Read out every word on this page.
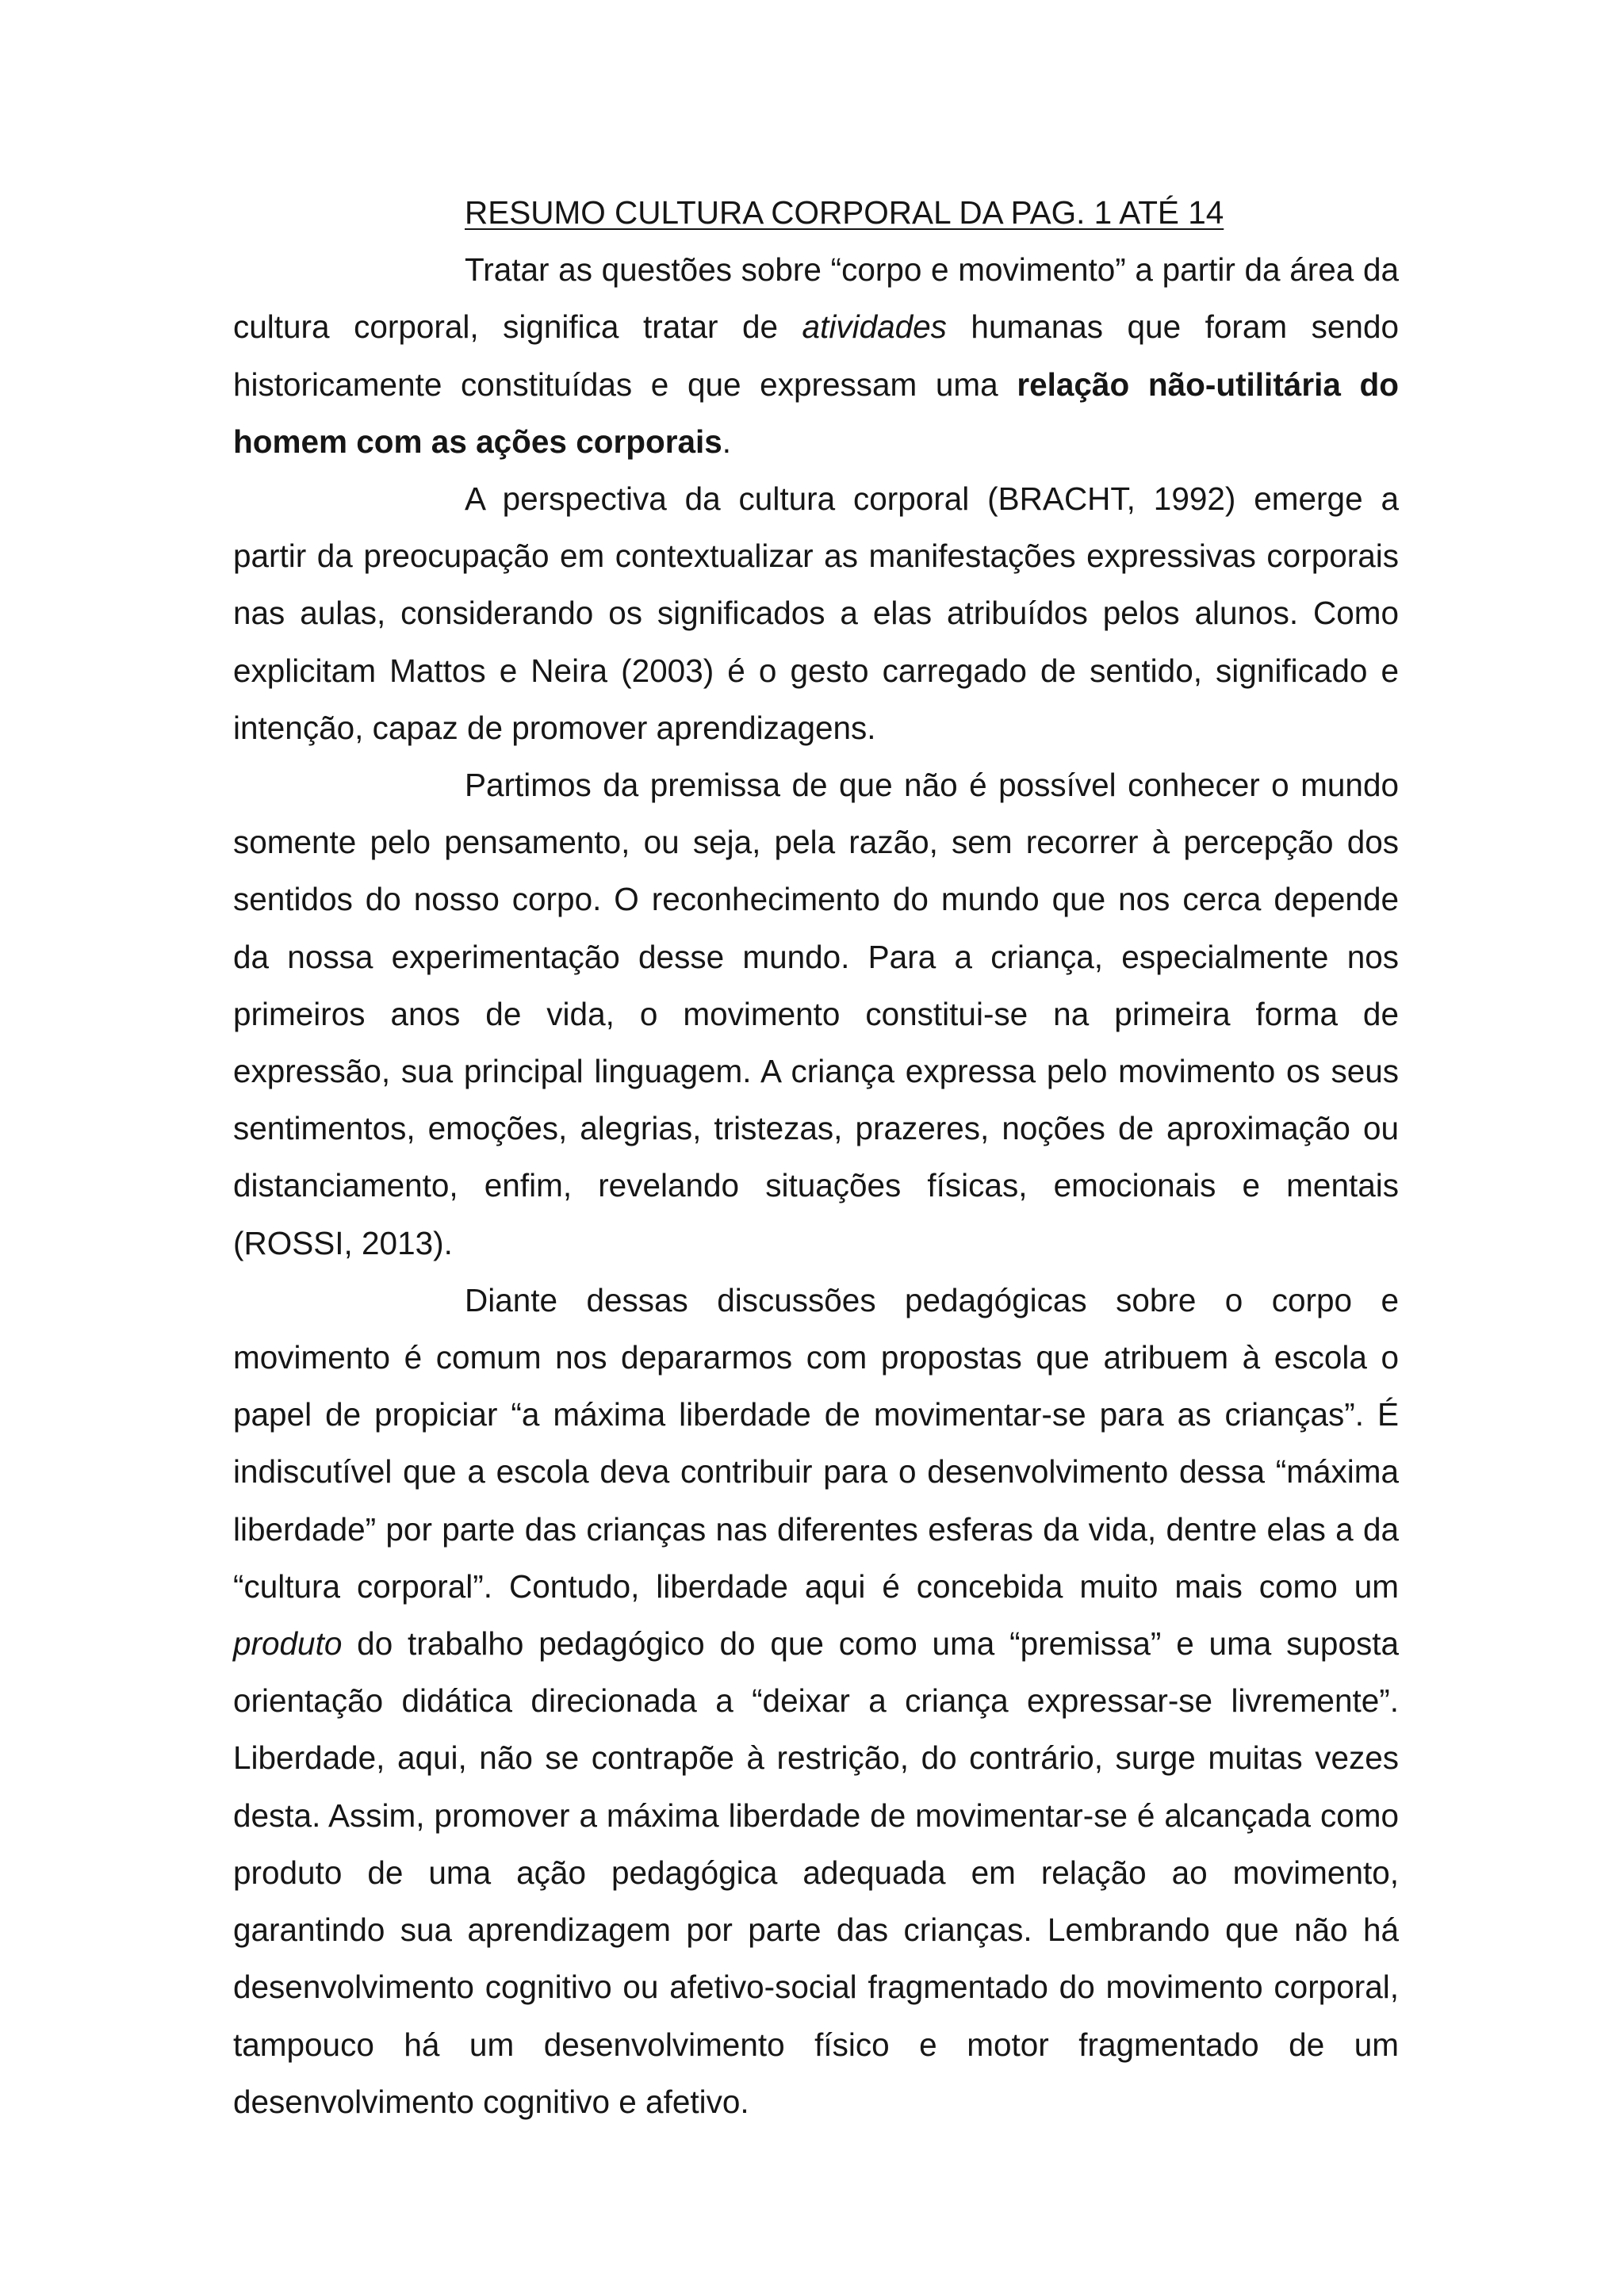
RESUMO CULTURA CORPORAL DA PAG. 1 ATÉ 14

Tratar as questões sobre “corpo e movimento” a partir da área da cultura corporal, significa tratar de atividades humanas que foram sendo historicamente constituídas e que expressam uma relação não-utilitária do homem com as ações corporais.

A perspectiva da cultura corporal (BRACHT, 1992) emerge a partir da preocupação em contextualizar as manifestações expressivas corporais nas aulas, considerando os significados a elas atribuídos pelos alunos. Como explicitam Mattos e Neira (2003) é o gesto carregado de sentido, significado e intenção, capaz de promover aprendizagens.

Partimos da premissa de que não é possível conhecer o mundo somente pelo pensamento, ou seja, pela razão, sem recorrer à percepção dos sentidos do nosso corpo. O reconhecimento do mundo que nos cerca depende da nossa experimentação desse mundo. Para a criança, especialmente nos primeiros anos de vida, o movimento constitui-se na primeira forma de expressão, sua principal linguagem. A criança expressa pelo movimento os seus sentimentos, emoções, alegrias, tristezas, prazeres, noções de aproximação ou distanciamento, enfim, revelando situações físicas, emocionais e mentais (ROSSI, 2013).

Diante dessas discussões pedagógicas sobre o corpo e movimento é comum nos depararmos com propostas que atribuem à escola o papel de propiciar “a máxima liberdade de movimentar-se para as crianças”. É indiscutível que a escola deva contribuir para o desenvolvimento dessa “máxima liberdade” por parte das crianças nas diferentes esferas da vida, dentre elas a da “cultura corporal”. Contudo, liberdade aqui é concebida muito mais como um produto do trabalho pedagógico do que como uma “premissa” e uma suposta orientação didática direcionada a “deixar a criança expressar-se livremente”. Liberdade, aqui, não se contrapõe à restrição, do contrário, surge muitas vezes desta. Assim, promover a máxima liberdade de movimentar-se é alcançada como produto de uma ação pedagógica adequada em relação ao movimento, garantindo sua aprendizagem por parte das crianças. Lembrando que não há desenvolvimento cognitivo ou afetivo-social fragmentado do movimento corporal, tampouco há um desenvolvimento físico e motor fragmentado de um desenvolvimento cognitivo e afetivo.
